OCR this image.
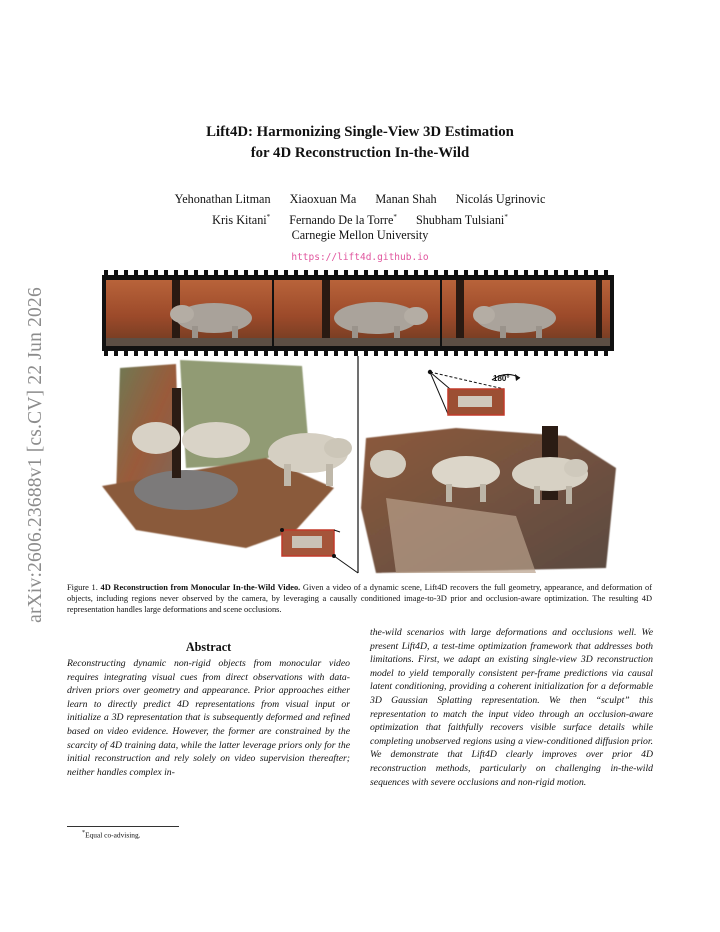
arXiv:2606.23688v1 [cs.CV] 22 Jun 2026
Lift4D: Harmonizing Single-View 3D Estimation
for 4D Reconstruction In-the-Wild
Yehonathan Litman Xiaoxuan Ma Manan Shah Nicolás Ugrinovic
Kris Kitani* Fernando De la Torre* Shubham Tulsiani*
Carnegie Mellon University
https://lift4d.github.io
180°
Figure 1. 4D Reconstruction from Monocular In-the-Wild Video. Given a video of a dynamic scene, Lift4D recovers the full geometry, appearance, and deformation of objects, including regions never observed by the camera, by leveraging a causally conditioned image-to-3D prior and occlusion-aware optimization. The resulting 4D representation handles large deformations and scene occlusions.
Abstract
Reconstructing dynamic non-rigid objects from monocular video requires integrating visual cues from direct observations with data-driven priors over geometry and appearance. Prior approaches either learn to directly predict 4D representations from visual input or initialize a 3D representation that is subsequently deformed and refined based on video evidence. However, the former are constrained by the scarcity of 4D training data, while the latter leverage priors only for the initial reconstruction and rely solely on video supervision thereafter; neither handles complex in-
the-wild scenarios with large deformations and occlusions well. We present Lift4D, a test-time optimization framework that addresses both limitations. First, we adapt an existing single-view 3D reconstruction model to yield temporally consistent per-frame predictions via causal latent conditioning, providing a coherent initialization for a deformable 3D Gaussian Splatting representation. We then “sculpt” this representation to match the input video through an occlusion-aware optimization that faithfully recovers visible surface details while completing unobserved regions using a view-conditioned diffusion prior. We demonstrate that Lift4D clearly improves over prior 4D reconstruction methods, particularly on challenging in-the-wild sequences with severe occlusions and non-rigid motion.
*Equal co-advising.
